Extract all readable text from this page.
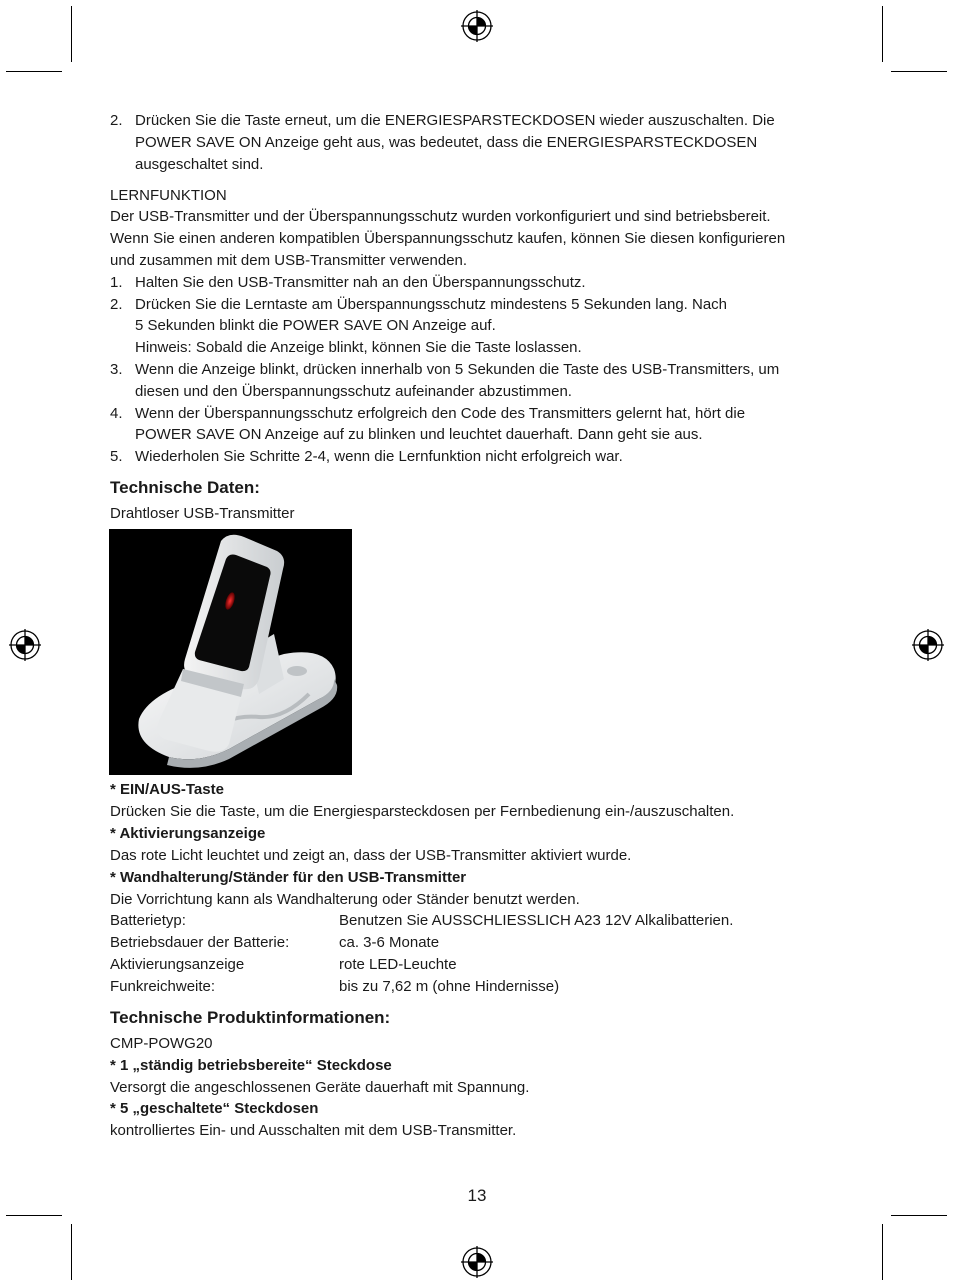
2. Drücken Sie die Taste erneut, um die ENERGIESPARSTECKDOSEN wieder auszuschalten. Die
POWER SAVE ON Anzeige geht aus, was bedeutet, dass die ENERGIESPARSTECKDOSEN
ausgeschaltet sind.
LERNFUNKTION
Der USB-Transmitter und der Überspannungsschutz wurden vorkonfiguriert und sind betriebsbereit.
Wenn Sie einen anderen kompatiblen Überspannungsschutz kaufen, können Sie diesen konfigurieren
und zusammen mit dem USB-Transmitter verwenden.
1. Halten Sie den USB-Transmitter nah an den Überspannungsschutz.
2. Drücken Sie die Lerntaste am Überspannungsschutz mindestens 5 Sekunden lang. Nach
5 Sekunden blinkt die POWER SAVE ON Anzeige auf.
Hinweis: Sobald die Anzeige blinkt, können Sie die Taste loslassen.
3. Wenn die Anzeige blinkt, drücken innerhalb von 5 Sekunden die Taste des USB-Transmitters, um
diesen und den Überspannungsschutz aufeinander abzustimmen.
4. Wenn der Überspannungsschutz erfolgreich den Code des Transmitters gelernt hat, hört die
POWER SAVE ON Anzeige auf zu blinken und leuchtet dauerhaft. Dann geht sie aus.
5. Wiederholen Sie Schritte 2-4, wenn die Lernfunktion nicht erfolgreich war.
Technische Daten:
Drahtloser USB-Transmitter
* EIN/AUS-Taste
Drücken Sie die Taste, um die Energiesparsteckdosen per Fernbedienung ein-/auszuschalten.
* Aktivierungsanzeige
Das rote Licht leuchtet und zeigt an, dass der USB-Transmitter aktiviert wurde.
* Wandhalterung/Ständer für den USB-Transmitter
Die Vorrichtung kann als Wandhalterung oder Ständer benutzt werden.
Batterietyp:	Benutzen Sie AUSSCHLIESSLICH A23 12V Alkalibatterien.
Betriebsdauer der Batterie:	ca. 3-6 Monate
Aktivierungsanzeige	rote LED-Leuchte
Funkreichweite:	bis zu 7,62 m (ohne Hindernisse)
Technische Produktinformationen:
CMP-POWG20
* 1 „ständig betriebsbereite“ Steckdose
Versorgt die angeschlossenen Geräte dauerhaft mit Spannung.
* 5 „geschaltete“ Steckdosen
kontrolliertes Ein- und Ausschalten mit dem USB-Transmitter.
13
